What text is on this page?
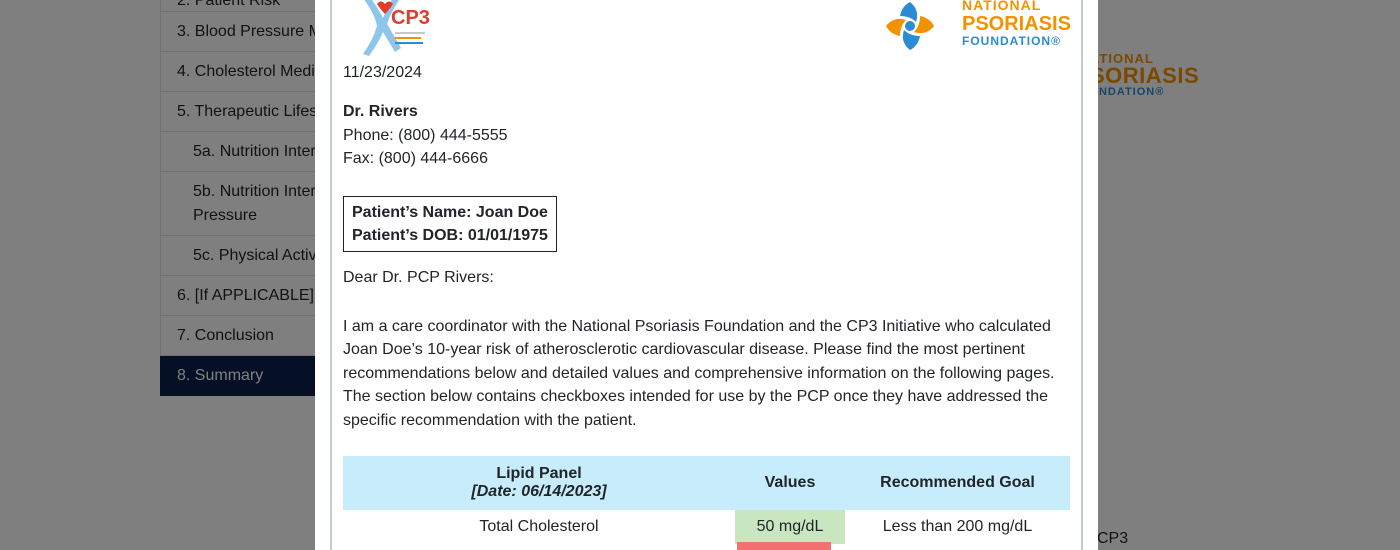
CP3
NATIONAL
PSORIASIS
FOUNDATION®
11/23/2024
Dr. Rivers
Phone: (800) 444-5555
Fax: (800) 444-6666
Patient’s Name: Joan Doe
Patient’s DOB: 01/01/1975
Dear Dr. PCP Rivers:
I am a care coordinator with the National Psoriasis Foundation and the CP3 Initiative who calculated Joan Doe’s 10-year risk of atherosclerotic cardiovascular disease. Please find the most pertinent recommendations below and detailed values and comprehensive information on the following pages. The section below contains checkboxes intended for use by the PCP once they have addressed the specific recommendation with the patient.
Lipid Panel
[Date: 06/14/2023]	Values	Recommended Goal
Total Cholesterol	50 mg/dL	Less than 200 mg/dL
